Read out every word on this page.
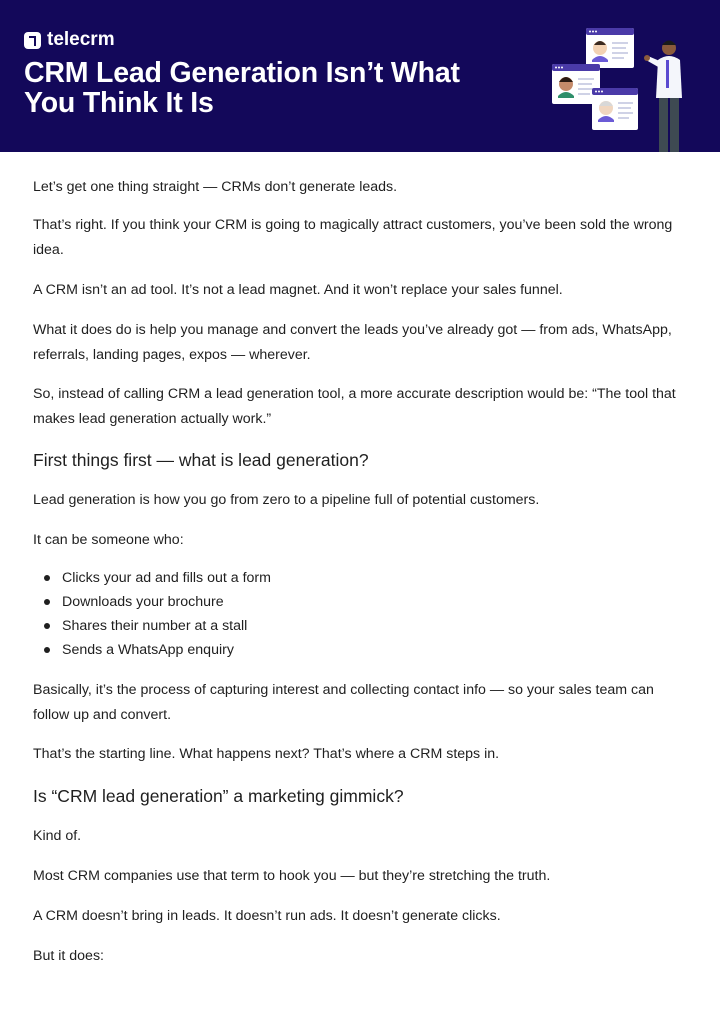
telecrm
CRM Lead Generation Isn’t What You Think It Is

Let’s get one thing straight — CRMs don’t generate leads.

That’s right. If you think your CRM is going to magically attract customers, you’ve been sold the wrong idea.

A CRM isn’t an ad tool. It’s not a lead magnet. And it won’t replace your sales funnel.

What it does do is help you manage and convert the leads you’ve already got — from ads, WhatsApp, referrals, landing pages, expos — wherever.

So, instead of calling CRM a lead generation tool, a more accurate description would be: “The tool that makes lead generation actually work.”

First things first — what is lead generation?

Lead generation is how you go from zero to a pipeline full of potential customers.

It can be someone who:

Clicks your ad and fills out a form
Downloads your brochure
Shares their number at a stall
Sends a WhatsApp enquiry

Basically, it’s the process of capturing interest and collecting contact info — so your sales team can follow up and convert.

That’s the starting line. What happens next? That’s where a CRM steps in.

Is “CRM lead generation” a marketing gimmick?

Kind of.

Most CRM companies use that term to hook you — but they’re stretching the truth.

A CRM doesn’t bring in leads. It doesn’t run ads. It doesn’t generate clicks.

But it does:
